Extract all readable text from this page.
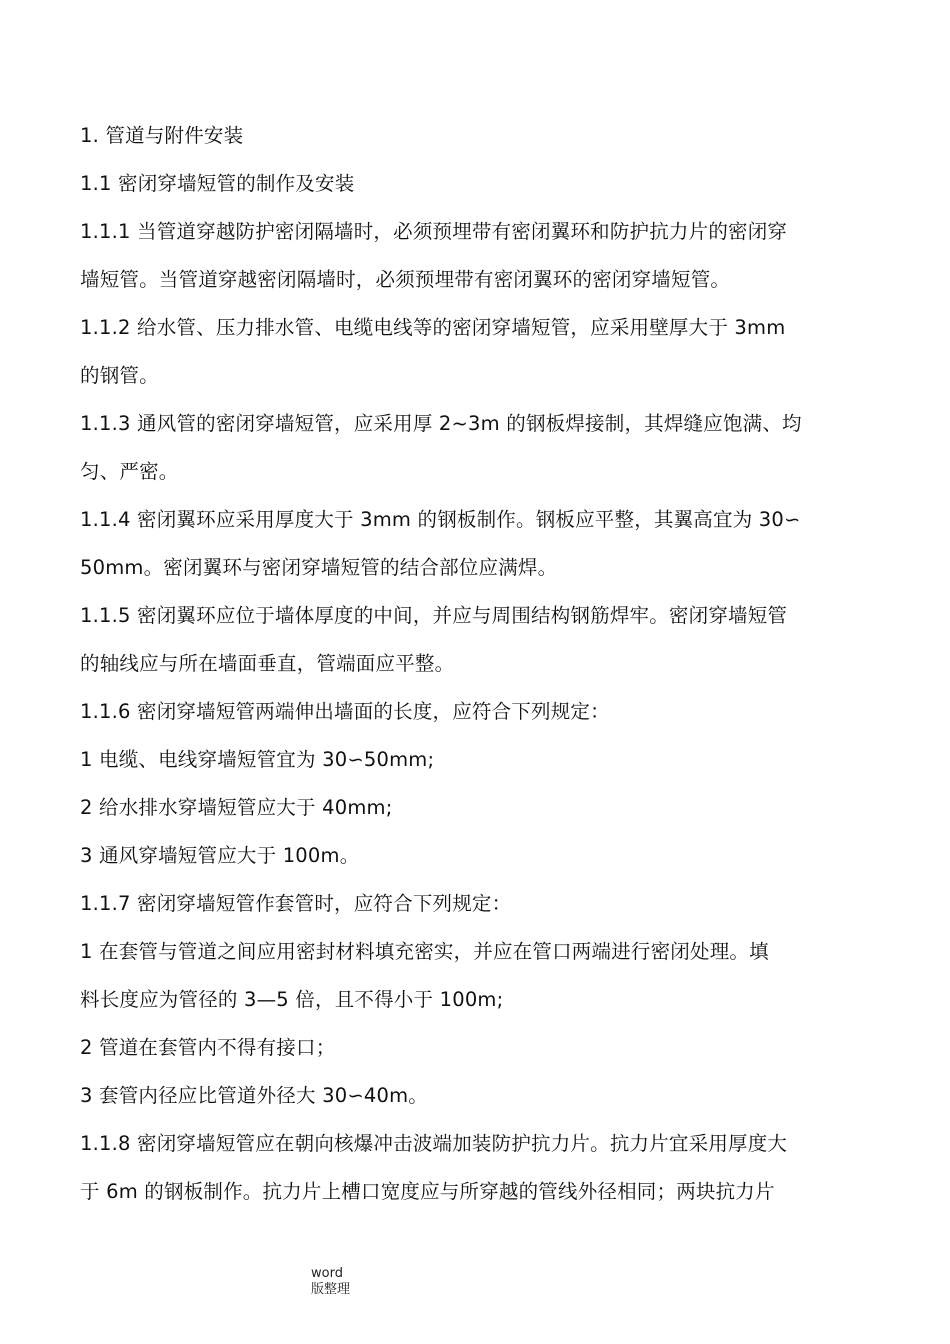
1. 管道与附件安装
1.1 密闭穿墙短管的制作及安装
1.1.1 当管道穿越防护密闭隔墙时，必须预埋带有密闭翼环和防护抗力片的密闭穿
墙短管。当管道穿越密闭隔墙时，必须预埋带有密闭翼环的密闭穿墙短管。
1.1.2 给水管、压力排水管、电缆电线等的密闭穿墙短管，应采用壁厚大于 3mm
的钢管。
1.1.3 通风管的密闭穿墙短管，应采用厚 2~3m 的钢板焊接制，其焊缝应饱满、均
匀、严密。
1.1.4 密闭翼环应采用厚度大于 3mm 的钢板制作。钢板应平整，其翼高宜为 30∽
50mm。密闭翼环与密闭穿墙短管的结合部位应满焊。
1.1.5 密闭翼环应位于墙体厚度的中间，并应与周围结构钢筋焊牢。密闭穿墙短管
的轴线应与所在墙面垂直，管端面应平整。
1.1.6 密闭穿墙短管两端伸出墙面的长度，应符合下列规定：
1 电缆、电线穿墙短管宜为 30∽50mm;
2 给水排水穿墙短管应大于 40mm;
3 通风穿墙短管应大于 100m。
1.1.7 密闭穿墙短管作套管时，应符合下列规定：
1 在套管与管道之间应用密封材料填充密实，并应在管口两端进行密闭处理。填
料长度应为管径的 3—5 倍，且不得小于 100m;
2 管道在套管内不得有接口；
3 套管内径应比管道外径大 30∽40m。
1.1.8 密闭穿墙短管应在朝向核爆冲击波端加装防护抗力片。抗力片宜采用厚度大
于 6m 的钢板制作。抗力片上槽口宽度应与所穿越的管线外径相同；两块抗力片
word
版整理
